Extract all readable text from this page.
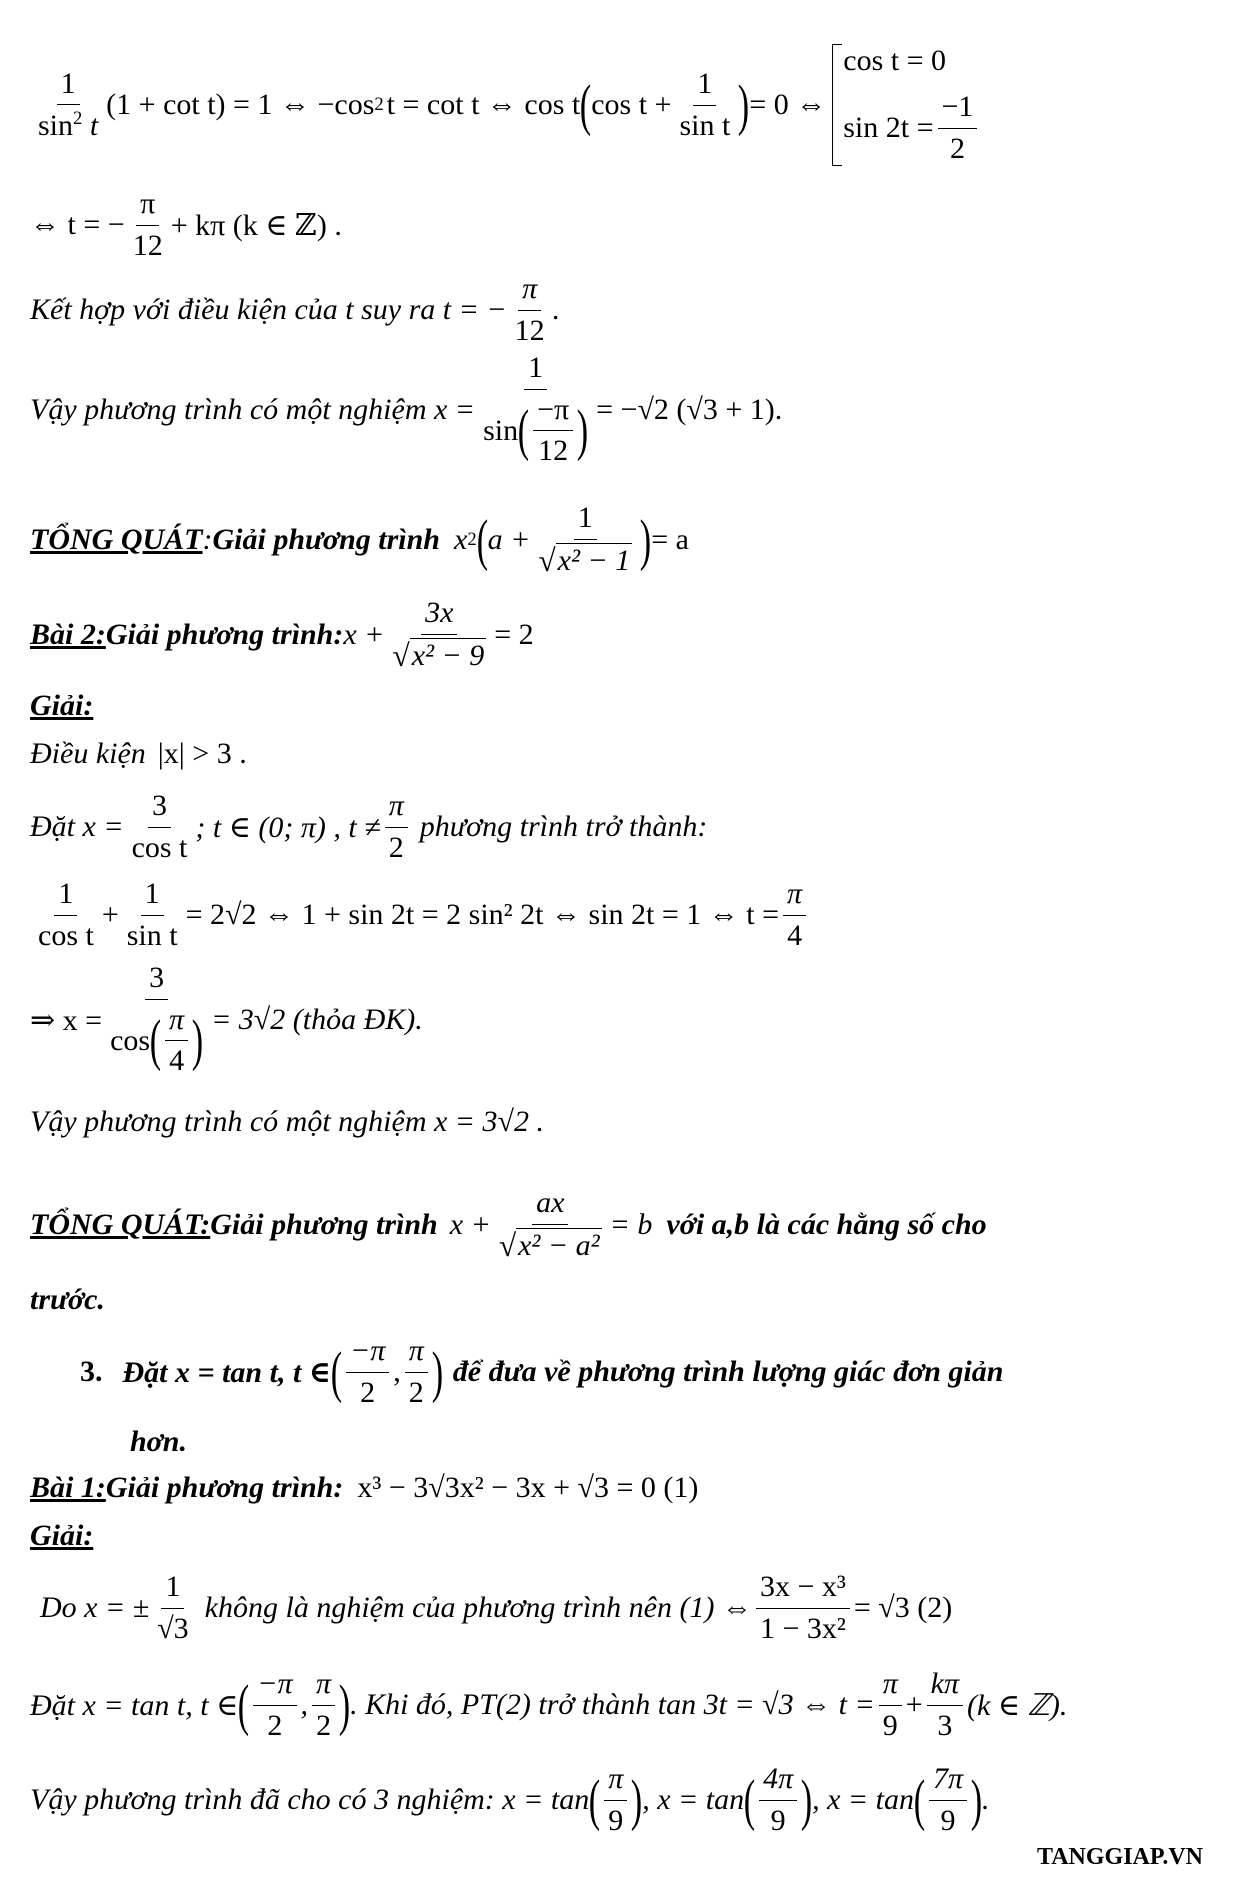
$\frac{1}{\sin^2 t} (1 + \cot t) = 1$ ⇔ −cos 2 t = cot t ⇔ cos t ( $\cos t + \frac{1}{\text{sin t}}$ ) = 0 ⇔
cos t = 0
$\sin 2t = \frac{-1}{2}$
⇔ t = − $\frac{\pi}{12} + k\pi$ (k ∈ ℤ) .
Kết hợp với điều kiện của t suy ra t = − $\frac{\pi}{12}$ .
Vậy phương trình có một nghiệm $x = \frac{1}{\sin ( \frac{-\pi}{12} )} = -√2$ (√3 + 1).
TỔNG QUÁT : Giải phương trình x 2 ( $a + \frac{1}{\text{√ x² − 1}}$ ) = a
Bài 2: Giải phương trình: $x + \frac{3x}{\text{√ x² − 9}} = 2$
Giải:
Điều kiện |x| > 3 .
Đặt $x = \frac{3}{\text{cos t}}$ ; t ∈ (0; π) , $t \ne \frac{\pi}{2}$ phương trình trở thành:
$\frac{1}{\text{cos t}} + \frac{1}{\text{sin t}} = 2√2$ ⇔ 1 + sin 2t = 2 sin² 2t ⇔ sin 2t = 1 ⇔ $t = \frac{\pi}{4}$
⇒ $x = \frac{3}{\cos ( \frac{\pi}{4} )} = 3√2$ (thỏa ĐK).
Vậy phương trình có một nghiệm x = 3√2 .
TỔNG QUÁT: Giải phương trình $x + \frac{ax}{\text{√ x² − a²}} = b$ với a,b là các hằng số cho
trước.
3. Đặt x = tan t, t ∈ ( $\frac{-\pi}{2}$ , $\frac{\pi}{2}$ ) để đưa về phương trình lượng giác đơn giản
hơn.
Bài 1: Giải phương trình: x³ − 3√3x² − 3x + √3 = 0 (1)
Giải:
Do x = ± $\frac{1}{√3}$ không là nghiệm của phương trình nên (1) ⇔ $\frac{\text{3x − x³}}{\text{1 − 3x²}} = √3$ (2)
Đặt x = tan t, t ∈ ( $\frac{-\pi}{2}$ , $\frac{\pi}{2}$ ) . Khi đó, PT(2) trở thành tan 3t = √3 ⇔ $t = \frac{\pi}{9} + \frac{k\pi}{3} (k$ ∈ ℤ).
Vậy phương trình đã cho có 3 nghiệm: x = tan ( $\frac{\pi}{9}$ ) , x = tan ( $\frac{4\pi}{9}$ ) , x = tan ( $\frac{7\pi}{9}$ ) .
TANGGIAP.VN
